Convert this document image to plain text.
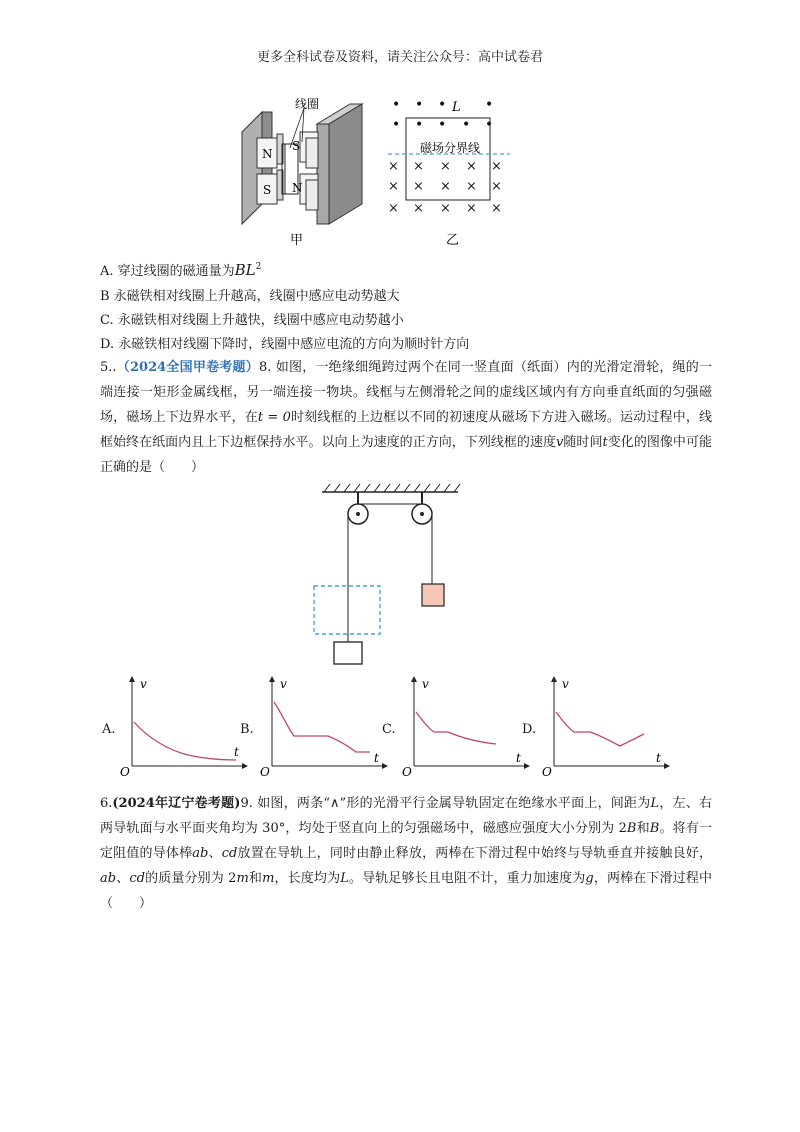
更多全科试卷及资料，请关注公众号：高中试卷君
N
S
S
N
线圈
甲
• • •	•
• • • • •
L
磁场分界线
× × × × ×
× × × × ×
× × × × ×
乙
A. 穿过线圈的磁通量为$BL^2$
B 永磁铁相对线圈上升越高，线圈中感应电动势越大
C. 永磁铁相对线圈上升越快，线圈中感应电动势越小
D. 永磁铁相对线圈下降时，线圈中感应电流的方向为顺时针方向
5..（2024全国甲卷考题）8. 如图，一绝缘细绳跨过两个在同一竖直面（纸面）内的光滑定滑轮，绳的一端连接一矩形金属线框，另一端连接一物块。线框与左侧滑轮之间的虚线区域内有方向垂直纸面的匀强磁场，磁场上下边界水平，在t = 0时刻线框的上边框以不同的初速度从磁场下方进入磁场。运动过程中，线框始终在纸面内且上下边框保持水平。以向上为速度的正方向，下列线框的速度v随时间t变化的图像中可能正确的是（　　）
A.	B.	C.	D.
v
t
O
v
t
O
v
t
O
v
t
O
6.(2024年辽宁卷考题)9. 如图，两条“∧”形的光滑平行金属导轨固定在绝缘水平面上，间距为L，左、右两导轨面与水平面夹角均为 30°，均处于竖直向上的匀强磁场中，磁感应强度大小分别为 2B和B。将有一定阻值的导体棒ab、cd放置在导轨上，同时由静止释放，两棒在下滑过程中始终与导轨垂直并接触良好，ab、cd的质量分别为 2m和m，长度均为L。导轨足够长且电阻不计，重力加速度为g，两棒在下滑过程中（　　）
